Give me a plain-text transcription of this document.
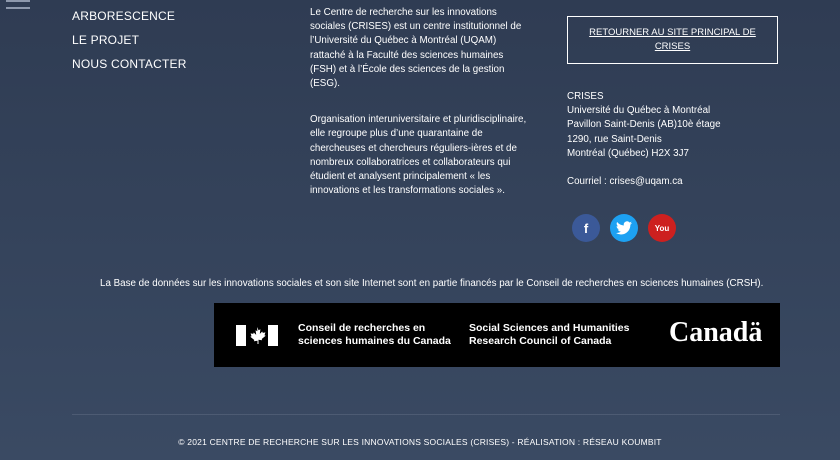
ARBORESCENCE
LE PROJET
NOUS CONTACTER

Le Centre de recherche sur les innovations sociales (CRISES) est un centre institutionnel de l’Université du Québec à Montréal (UQAM) rattaché à la Faculté des sciences humaines (FSH) et à l’École des sciences de la gestion (ESG).

Organisation interuniversitaire et pluridisciplinaire, elle regroupe plus d’une quarantaine de chercheuses et chercheurs réguliers-ières et de nombreux collaboratrices et collaborateurs qui étudient et analysent principalement « les innovations et les transformations sociales ».

RETOURNER AU SITE PRINCIPAL DE CRISES
CRISES
Université du Québec à Montréal
Pavillon Saint-Denis (AB)10è étage
1290, rue Saint-Denis
Montréal (Québec) H2X 3J7
Courriel : crises@uqam.ca
f	You
La Base de données sur les innovations sociales et son site Internet sont en partie financés par le Conseil de recherches en sciences humaines (CRSH).
Conseil de recherches en
sciences humaines du Canada
Social Sciences and Humanities
Research Council of Canada	Canadä
© 2021 CENTRE DE RECHERCHE SUR LES INNOVATIONS SOCIALES (CRISES) - RÉALISATION : RÉSEAU KOUMBIT
